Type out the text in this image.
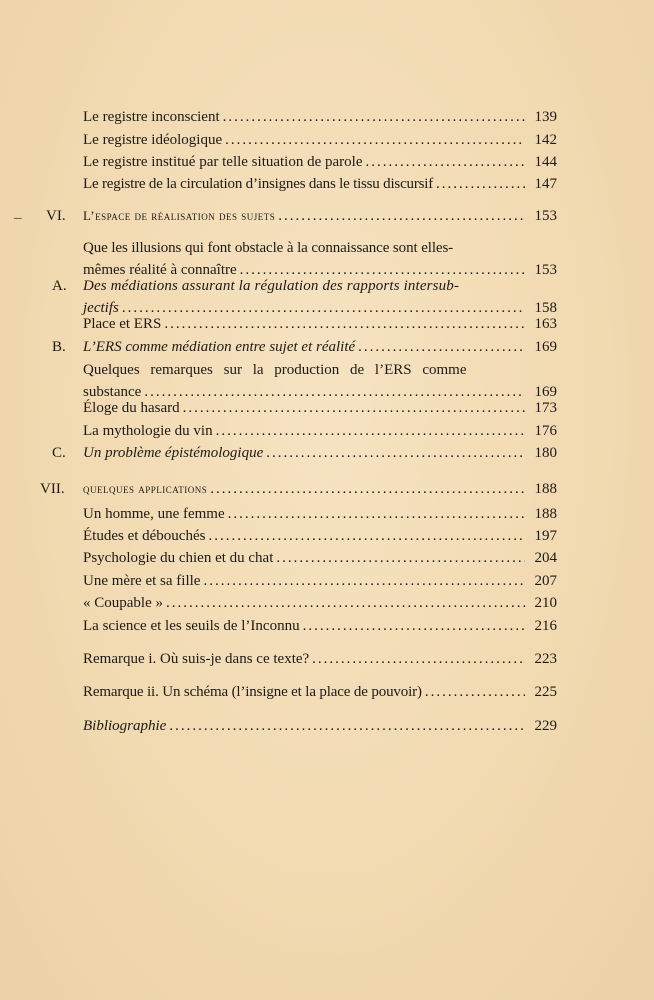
Le registre inconscient .....	139
Le registre idéologique .....	142
Le registre institué par telle situation de parole .....	144
Le registre de la circulation d’insignes dans le tissu discursif .....	147
– VI. L’espace de réalisation des sujets .....	153
Que les illusions qui font obstacle à la connaissance sont elles-
mêmes réalité à connaître .....	153
A. Des médiations assurant la régulation des rapports intersub-
jectifs .....	158
Place et ERS .....	163
B. L’ERS comme médiation entre sujet et réalité .....	169
Quelques remarques sur la production de l’ERS comme
substance .....	169
Éloge du hasard .....	173
La mythologie du vin .....	176
C. Un problème épistémologique .....	180
VII. quelques applications .....	188
Un homme, une femme .....	188
Études et débouchés .....	197
Psychologie du chien et du chat .....	204
Une mère et sa fille .....	207
« Coupable » .....	210
La science et les seuils de l’Inconnu .....	216
Remarque i. Où suis-je dans ce texte? .....	223
Remarque ii. Un schéma (l’insigne et la place de pouvoir) .....	225
Bibliographie .....	229
